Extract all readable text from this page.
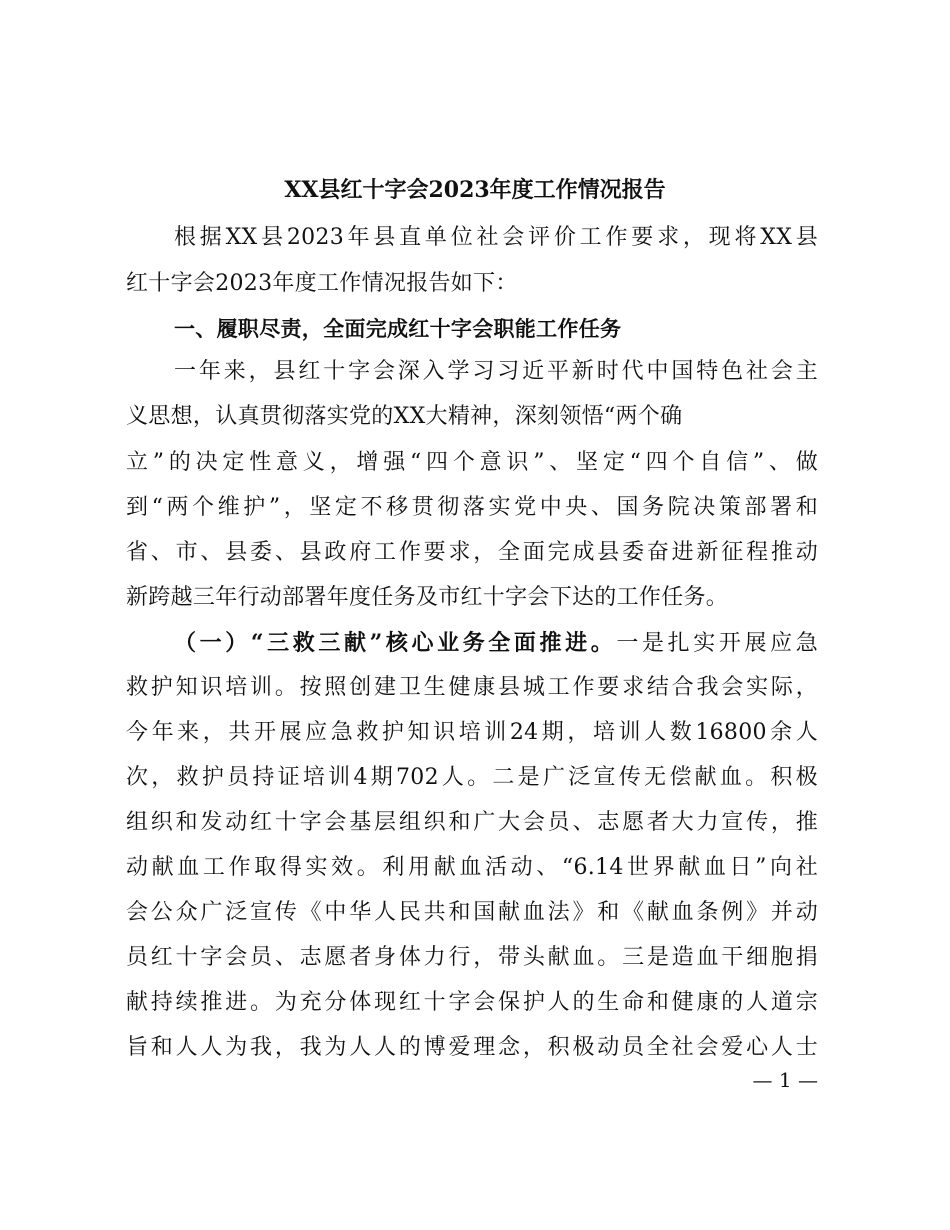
XX县红十字会2023年度工作情况报告
根据XX县2023年县直单位社会评价工作要求，现将XX县
红十字会2023年度工作情况报告如下：
一、履职尽责，全面完成红十字会职能工作任务
一年来，县红十字会深入学习习近平新时代中国特色社会主
义思想，认真贯彻落实党的XX大精神，深刻领悟“两个确
立”的决定性意义，增强“四个意识”、坚定“四个自信”、做
到“两个维护”，坚定不移贯彻落实党中央、国务院决策部署和
省、市、县委、县政府工作要求，全面完成县委奋进新征程推动
新跨越三年行动部署年度任务及市红十字会下达的工作任务。
（一）“三救三献”核心业务全面推进。一是扎实开展应急
救护知识培训。按照创建卫生健康县城工作要求结合我会实际，
今年来，共开展应急救护知识培训24期，培训人数16800余人
次，救护员持证培训4期702人。二是广泛宣传无偿献血。积极
组织和发动红十字会基层组织和广大会员、志愿者大力宣传，推
动献血工作取得实效。利用献血活动、“6.14世界献血日”向社
会公众广泛宣传《中华人民共和国献血法》和《献血条例》并动
员红十字会员、志愿者身体力行，带头献血。三是造血干细胞捐
献持续推进。为充分体现红十字会保护人的生命和健康的人道宗
旨和人人为我，我为人人的博爱理念，积极动员全社会爱心人士
— 1 —
